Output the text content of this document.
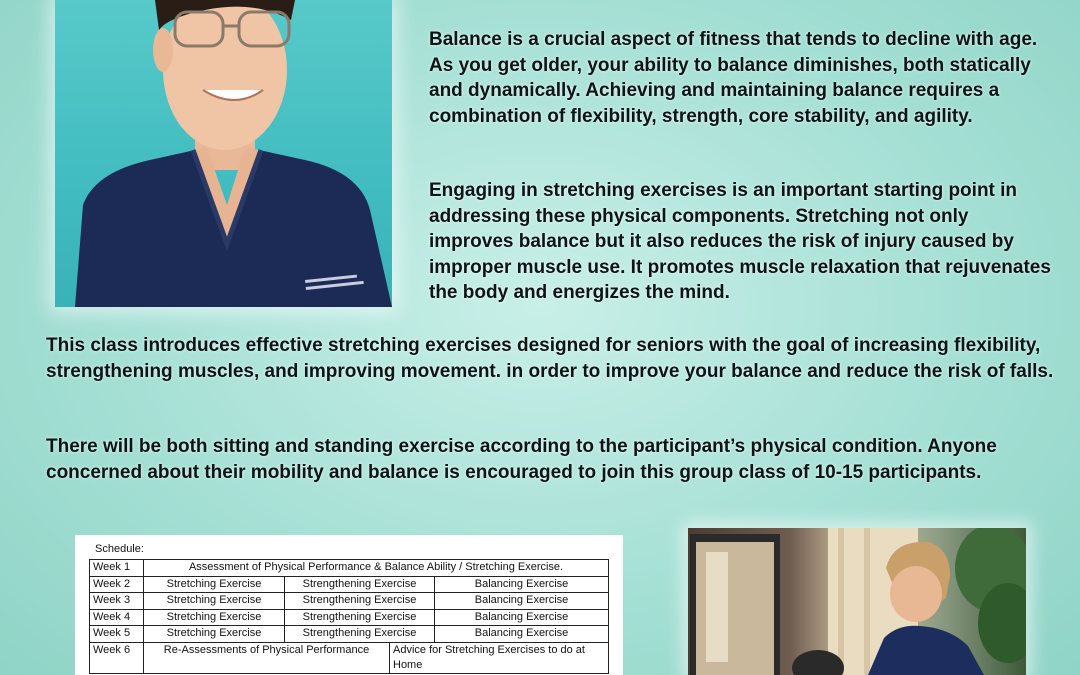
Balance is a crucial aspect of fitness that tends to decline with age. As you get older, your ability to balance diminishes, both statically and dynamically. Achieving and maintaining balance requires a combination of flexibility, strength, core stability, and agility.

Engaging in stretching exercises is an important starting point in addressing these physical components. Stretching not only improves balance but it also reduces the risk of injury caused by improper muscle use. It promotes muscle relaxation that rejuvenates the body and energizes the mind.

This class introduces effective stretching exercises designed for seniors with the goal of increasing flexibility, strengthening muscles, and improving movement. in order to improve your balance and reduce the risk of falls.

There will be both sitting and standing exercise according to the participant’s physical condition. Anyone concerned about their mobility and balance is encouraged to join this group class of 10-15 participants.

Schedule:
Week 1	Assessment of Physical Performance & Balance Ability / Stretching Exercise.			
Week 2	Stretching Exercise	Strengthening Exercise		Balancing Exercise
Week 3	Stretching Exercise	Strengthening Exercise		Balancing Exercise
Week 4	Stretching Exercise	Strengthening Exercise		Balancing Exercise
Week 5	Stretching Exercise	Strengthening Exercise		Balancing Exercise
Week 6	Re-Assessments of Physical Performance		Advice for Stretching Exercises to do at Home	
